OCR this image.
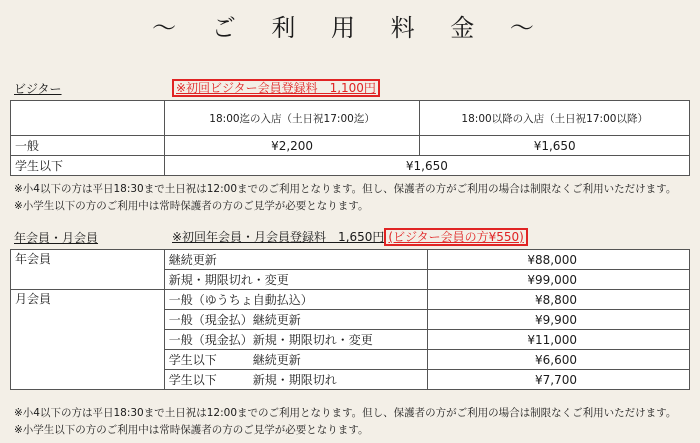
～ ご 利 用 料 金 ～
ビジター	※初回ビジター会員登録料　1,100円
	18:00迄の入店（土日祝17:00迄）	18:00以降の入店（土日祝17:00以降）
一般	¥2,200	¥1,650
学生以下	¥1,650	
※小4以下の方は平日18:30まで土日祝は12:00までのご利用となります。但し、保護者の方がご利用の場合は制限なくご利用いただけます。
※小学生以下の方のご利用中は常時保護者の方のご見学が必要となります。
年会員・月会員	※初回年会員・月会員登録料　1,650円 (ビジター会員の方¥550)
年会員	継続更新	¥88,000
	新規・期限切れ・変更	¥99,000
月会員	一般（ゆうちょ自動払込）	¥8,800
	一般（現金払）継続更新	¥9,900
	一般（現金払）新規・期限切れ・変更	¥11,000
	学生以下　　　継続更新	¥6,600
	学生以下　　　新規・期限切れ	¥7,700
※小4以下の方は平日18:30まで土日祝は12:00までのご利用となります。但し、保護者の方がご利用の場合は制限なくご利用いただけます。
※小学生以下の方のご利用中は常時保護者の方のご見学が必要となります。
